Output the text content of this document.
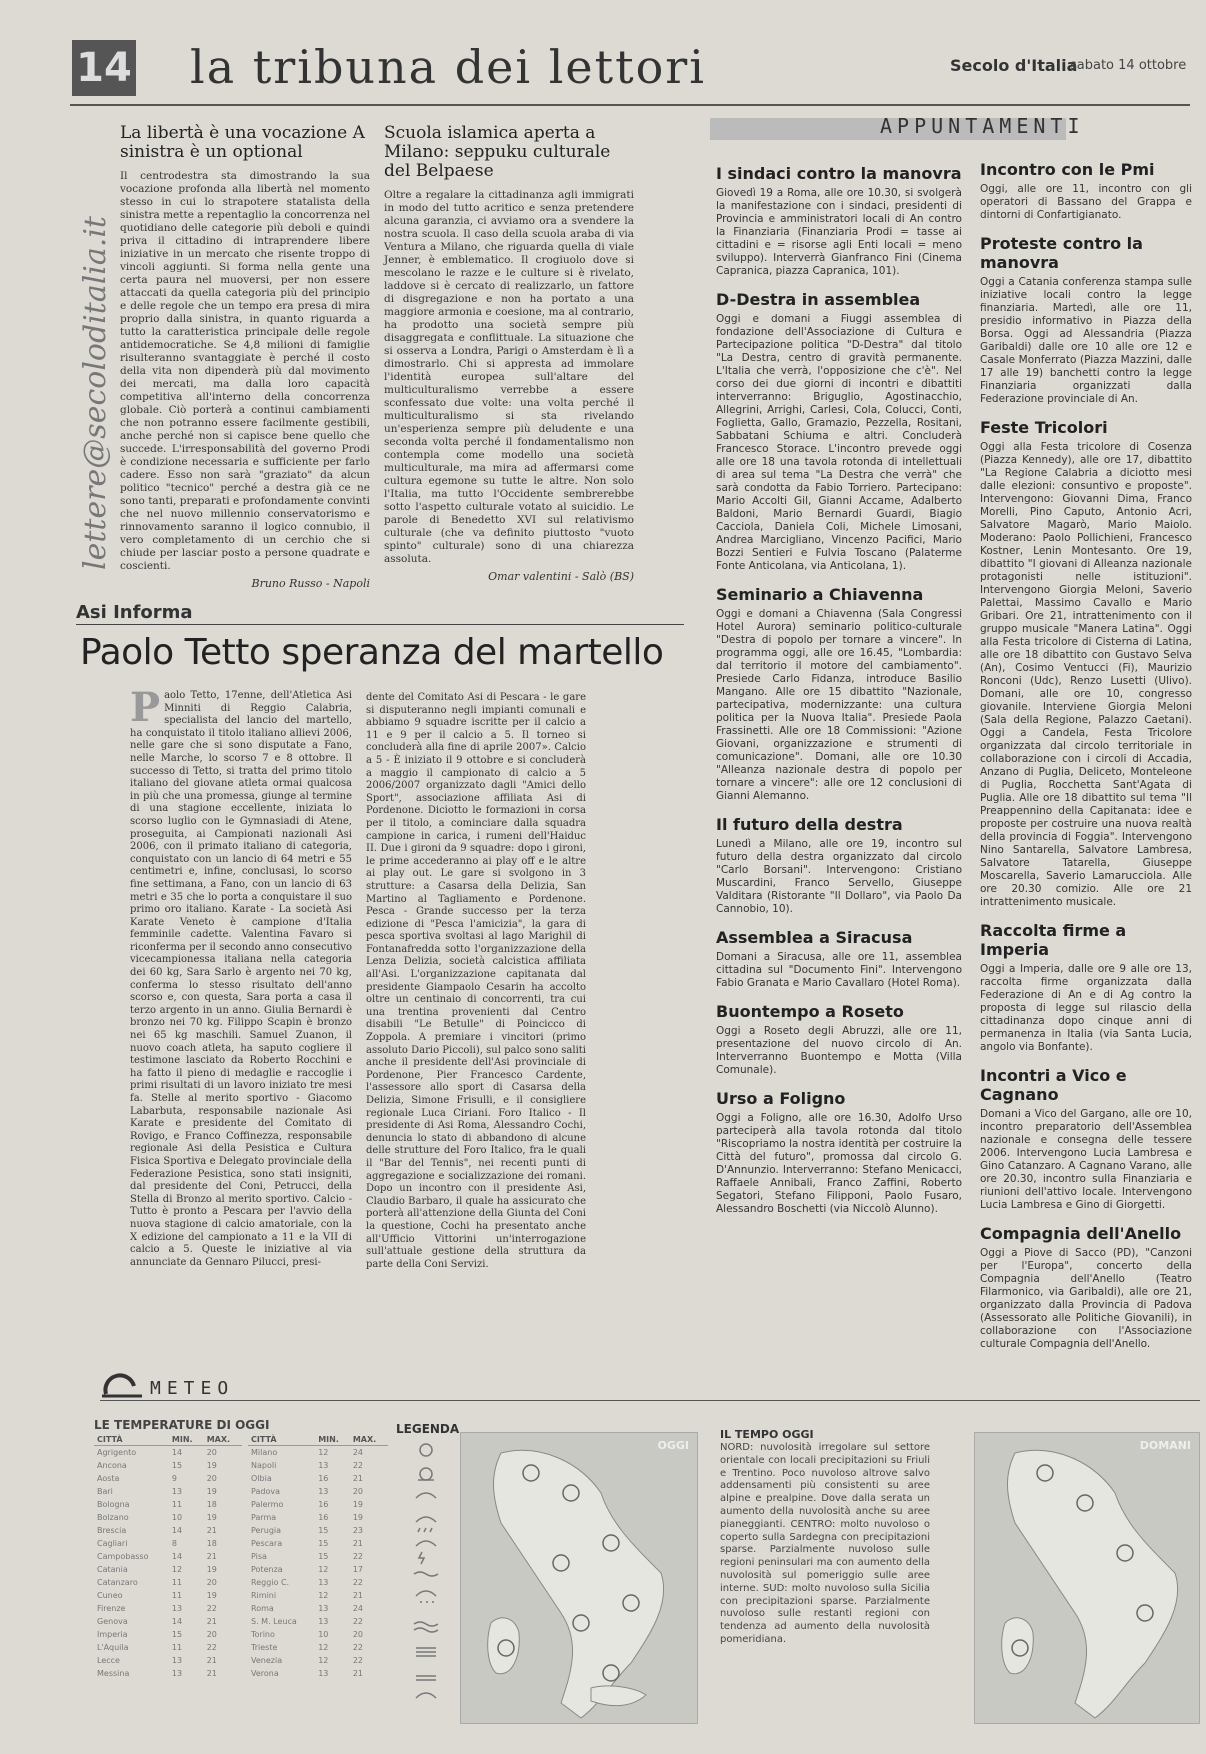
14 la tribuna dei lettori	Secolo d'Italia
sabato 14 ottobre
lettere@secoloditalia.it
La libertà è una vocazione A sinistra è un optional
Il centrodestra sta dimostrando la sua vocazione profonda alla libertà nel momento stesso in cui lo strapotere statalista della sinistra mette a repentaglio la concorrenza nel quotidiano delle categorie più deboli e quindi priva il cittadino di intraprendere libere iniziative in un mercato che risente troppo di vincoli aggiunti. Si forma nella gente una certa paura nel muoversi, per non essere attaccati da quella categoria più del principio e delle regole che un tempo era presa di mira proprio dalla sinistra, in quanto riguarda a tutto la caratteristica principale delle regole antidemocratiche. Se 4,8 milioni di famiglie risulteranno svantaggiate è perché il costo della vita non dipenderà più dal movimento dei mercati, ma dalla loro capacità competitiva all'interno della concorrenza globale. Ciò porterà a continui cambiamenti che non potranno essere facilmente gestibili, anche perché non si capisce bene quello che succede. L'irresponsabilità del governo Prodi è condizione necessaria e sufficiente per farlo cadere. Esso non sarà "graziato" da alcun politico "tecnico" perché a destra già ce ne sono tanti, preparati e profondamente convinti che nel nuovo millennio conservatorismo e rinnovamento saranno il logico connubio, il vero completamento di un cerchio che si chiude per lasciar posto a persone quadrate e coscienti.
Bruno Russo - Napoli
Scuola islamica aperta a Milano: seppuku culturale del Belpaese
Oltre a regalare la cittadinanza agli immigrati in modo del tutto acritico e senza pretendere alcuna garanzia, ci avviamo ora a svendere la nostra scuola. Il caso della scuola araba di via Ventura a Milano, che riguarda quella di viale Jenner, è emblematico. Il crogiuolo dove si mescolano le razze e le culture si è rivelato, laddove si è cercato di realizzarlo, un fattore di disgregazione e non ha portato a una maggiore armonia e coesione, ma al contrario, ha prodotto una società sempre più disaggregata e conflittuale. La situazione che si osserva a Londra, Parigi o Amsterdam è lì a dimostrarlo. Chi si appresta ad immolare l'identità europea sull'altare del multiculturalismo verrebbe a essere sconfessato due volte: una volta perché il multiculturalismo si sta rivelando un'esperienza sempre più deludente e una seconda volta perché il fondamentalismo non contempla come modello una società multiculturale, ma mira ad affermarsi come cultura egemone su tutte le altre. Non solo l'Italia, ma tutto l'Occidente sembrerebbe sotto l'aspetto culturale votato al suicidio. Le parole di Benedetto XVI sul relativismo culturale (che va definito piuttosto "vuoto spinto" culturale) sono di una chiarezza assoluta.
Omar valentini - Salò (BS)
APPUNTAMENTI
I sindaci contro la manovra
Giovedì 19 a Roma, alle ore 10.30, si svolgerà la manifestazione con i sindaci, presidenti di Provincia e amministratori locali di An contro la Finanziaria (Finanziaria Prodi = tasse ai cittadini e = risorse agli Enti locali = meno sviluppo). Interverrà Gianfranco Fini (Cinema Capranica, piazza Capranica, 101).
D-Destra in assemblea
Oggi e domani a Fiuggi assemblea di fondazione dell'Associazione di Cultura e Partecipazione politica "D-Destra" dal titolo "La Destra, centro di gravità permanente. L'Italia che verrà, l'opposizione che c'è". Nel corso dei due giorni di incontri e dibattiti interverranno: Briguglio, Agostinacchio, Allegrini, Arrighi, Carlesi, Cola, Colucci, Conti, Foglietta, Gallo, Gramazio, Pezzella, Rositani, Sabbatani Schiuma e altri. Concluderà Francesco Storace. L'incontro prevede oggi alle ore 18 una tavola rotonda di intellettuali di area sul tema "La Destra che verrà" che sarà condotta da Fabio Torriero. Partecipano: Mario Accolti Gil, Gianni Accame, Adalberto Baldoni, Mario Bernardi Guardi, Biagio Cacciola, Daniela Coli, Michele Limosani, Andrea Marcigliano, Vincenzo Pacifici, Mario Bozzi Sentieri e Fulvia Toscano (Palaterme Fonte Anticolana, via Anticolana, 1).
Seminario a Chiavenna
Oggi e domani a Chiavenna (Sala Congressi Hotel Aurora) seminario politico-culturale "Destra di popolo per tornare a vincere". In programma oggi, alle ore 16.45, "Lombardia: dal territorio il motore del cambiamento". Presiede Carlo Fidanza, introduce Basilio Mangano. Alle ore 15 dibattito "Nazionale, partecipativa, modernizzante: una cultura politica per la Nuova Italia". Presiede Paola Frassinetti. Alle ore 18 Commissioni: "Azione Giovani, organizzazione e strumenti di comunicazione". Domani, alle ore 10.30 "Alleanza nazionale destra di popolo per tornare a vincere": alle ore 12 conclusioni di Gianni Alemanno.
Il futuro della destra
Lunedì a Milano, alle ore 19, incontro sul futuro della destra organizzato dal circolo "Carlo Borsani". Intervengono: Cristiano Muscardini, Franco Servello, Giuseppe Valditara (Ristorante "Il Dollaro", via Paolo Da Cannobio, 10).
Assemblea a Siracusa
Domani a Siracusa, alle ore 11, assemblea cittadina sul "Documento Fini". Intervengono Fabio Granata e Mario Cavallaro (Hotel Roma).
Buontempo a Roseto
Oggi a Roseto degli Abruzzi, alle ore 11, presentazione del nuovo circolo di An. Interverranno Buontempo e Motta (Villa Comunale).
Urso a Foligno
Oggi a Foligno, alle ore 16.30, Adolfo Urso parteciperà alla tavola rotonda dal titolo "Riscopriamo la nostra identità per costruire la Città del futuro", promossa dal circolo G. D'Annunzio. Interverranno: Stefano Menicacci, Raffaele Annibali, Franco Zaffini, Roberto Segatori, Stefano Filipponi, Paolo Fusaro, Alessandro Boschetti (via Niccolò Alunno).
Incontro con le Pmi
Oggi, alle ore 11, incontro con gli operatori di Bassano del Grappa e dintorni di Confartigianato.
Proteste contro la manovra
Oggi a Catania conferenza stampa sulle iniziative locali contro la legge finanziaria. Martedì, alle ore 11, presidio informativo in Piazza della Borsa. Oggi ad Alessandria (Piazza Garibaldi) dalle ore 10 alle ore 12 e Casale Monferrato (Piazza Mazzini, dalle 17 alle 19) banchetti contro la legge Finanziaria organizzati dalla Federazione provinciale di An.
Feste Tricolori
Oggi alla Festa tricolore di Cosenza (Piazza Kennedy), alle ore 17, dibattito "La Regione Calabria a diciotto mesi dalle elezioni: consuntivo e proposte". Intervengono: Giovanni Dima, Franco Morelli, Pino Caputo, Antonio Acri, Salvatore Magarò, Mario Maiolo. Moderano: Paolo Pollichieni, Francesco Kostner, Lenin Montesanto. Ore 19, dibattito "I giovani di Alleanza nazionale protagonisti nelle istituzioni". Intervengono Giorgia Meloni, Saverio Palettai, Massimo Cavallo e Mario Gribari. Ore 21, intrattenimento con il gruppo musicale "Manera Latina". Oggi alla Festa tricolore di Cisterna di Latina, alle ore 18 dibattito con Gustavo Selva (An), Cosimo Ventucci (Fi), Maurizio Ronconi (Udc), Renzo Lusetti (Ulivo). Domani, alle ore 10, congresso giovanile. Interviene Giorgia Meloni (Sala della Regione, Palazzo Caetani). Oggi a Candela, Festa Tricolore organizzata dal circolo territoriale in collaborazione con i circoli di Accadia, Anzano di Puglia, Deliceto, Monteleone di Puglia, Rocchetta Sant'Agata di Puglia. Alle ore 18 dibattito sul tema "Il Preappennino della Capitanata: idee e proposte per costruire una nuova realtà della provincia di Foggia". Intervengono Nino Santarella, Salvatore Lambresa, Salvatore Tatarella, Giuseppe Moscarella, Saverio Lamarucciola. Alle ore 20.30 comizio. Alle ore 21 intrattenimento musicale.
Raccolta firme a Imperia
Oggi a Imperia, dalle ore 9 alle ore 13, raccolta firme organizzata dalla Federazione di An e di Ag contro la proposta di legge sul rilascio della cittadinanza dopo cinque anni di permanenza in Italia (via Santa Lucia, angolo via Bonfante).
Incontri a Vico e Cagnano
Domani a Vico del Gargano, alle ore 10, incontro preparatorio dell'Assemblea nazionale e consegna delle tessere 2006. Intervengono Lucia Lambresa e Gino Catanzaro. A Cagnano Varano, alle ore 20.30, incontro sulla Finanziaria e riunioni dell'attivo locale. Intervengono Lucia Lambresa e Gino di Giorgetti.
Compagnia dell'Anello
Oggi a Piove di Sacco (PD), "Canzoni per l'Europa", concerto della Compagnia dell'Anello (Teatro Filarmonico, via Garibaldi), alle ore 21, organizzato dalla Provincia di Padova (Assessorato alle Politiche Giovanili), in collaborazione con l'Associazione culturale Compagnia dell'Anello.
Asi Informa
Paolo Tetto speranza del martello
P aolo Tetto, 17enne, dell'Atletica Asi Minniti di Reggio Calabria, specialista del lancio del martello, ha conquistato il titolo italiano allievi 2006, nelle gare che si sono disputate a Fano, nelle Marche, lo scorso 7 e 8 ottobre. Il successo di Tetto, si tratta del primo titolo italiano del giovane atleta ormai qualcosa in più che una promessa, giunge al termine di una stagione eccellente, iniziata lo scorso luglio con le Gymnasiadi di Atene, proseguita, ai Campionati nazionali Asi 2006, con il primato italiano di categoria, conquistato con un lancio di 64 metri e 55 centimetri e, infine, conclusasi, lo scorso fine settimana, a Fano, con un lancio di 63 metri e 35 che lo porta a conquistare il suo primo oro italiano. Karate - La società Asi Karate Veneto è campione d'Italia femminile cadette. Valentina Favaro si riconferma per il secondo anno consecutivo vicecampionessa italiana nella categoria dei 60 kg, Sara Sarlo è argento nei 70 kg, conferma lo stesso risultato dell'anno scorso e, con questa, Sara porta a casa il terzo argento in un anno. Giulia Bernardi è bronzo nei 70 kg. Filippo Scapin è bronzo nei 65 kg maschili. Samuel Zuanon, il nuovo coach atleta, ha saputo cogliere il testimone lasciato da Roberto Rocchini e ha fatto il pieno di medaglie e raccoglie i primi risultati di un lavoro iniziato tre mesi fa. Stelle al merito sportivo - Giacomo Labarbuta, responsabile nazionale Asi Karate e presidente del Comitato di Rovigo, e Franco Coffinezza, responsabile regionale Asi della Pesistica e Cultura Fisica Sportiva e Delegato provinciale della Federazione Pesistica, sono stati insigniti, dal presidente del Coni, Petrucci, della Stella di Bronzo al merito sportivo. Calcio - Tutto è pronto a Pescara per l'avvio della nuova stagione di calcio amatoriale, con la X edizione del campionato a 11 e la VII di calcio a 5. Queste le iniziative al via annunciate da Gennaro Pilucci, presi-
dente del Comitato Asi di Pescara - le gare si disputeranno negli impianti comunali e abbiamo 9 squadre iscritte per il calcio a 11 e 9 per il calcio a 5. Il torneo si concluderà alla fine di aprile 2007». Calcio a 5 - È iniziato il 9 ottobre e si concluderà a maggio il campionato di calcio a 5 2006/2007 organizzato dagli "Amici dello Sport", associazione affiliata Asi di Pordenone. Diciotto le formazioni in corsa per il titolo, a cominciare dalla squadra campione in carica, i rumeni dell'Haiduc II. Due i gironi da 9 squadre: dopo i gironi, le prime accederanno ai play off e le altre ai play out. Le gare si svolgono in 3 strutture: a Casarsa della Delizia, San Martino al Tagliamento e Pordenone. Pesca - Grande successo per la terza edizione di "Pesca l'amicizia", la gara di pesca sportiva svoltasi al lago Marighil di Fontanafredda sotto l'organizzazione della Lenza Delizia, società calcistica affiliata all'Asi. L'organizzazione capitanata dal presidente Giampaolo Cesarin ha accolto oltre un centinaio di concorrenti, tra cui una trentina provenienti dal Centro disabili "Le Betulle" di Poincicco di Zoppola. A premiare i vincitori (primo assoluto Dario Piccoli), sul palco sono saliti anche il presidente dell'Asi provinciale di Pordenone, Pier Francesco Cardente, l'assessore allo sport di Casarsa della Delizia, Simone Frisulli, e il consigliere regionale Luca Ciriani. Foro Italico - Il presidente di Asi Roma, Alessandro Cochi, denuncia lo stato di abbandono di alcune delle strutture del Foro Italico, fra le quali il "Bar del Tennis", nei recenti punti di aggregazione e socializzazione dei romani. Dopo un incontro con il presidente Asi, Claudio Barbaro, il quale ha assicurato che porterà all'attenzione della Giunta del Coni la questione, Cochi ha presentato anche all'Ufficio Vittorini un'interrogazione sull'attuale gestione della struttura da parte della Coni Servizi.
METEO
LE TEMPERATURE DI OGGI
CITTÀ	MIN.	MAX.
Agrigento	14	20
Ancona	15	19
Aosta	9	20
Bari	13	19
Bologna	11	18
Bolzano	10	19
Brescia	14	21
Cagliari	8	18
Campobasso	14	21
Catania	12	19
Catanzaro	11	20
Cuneo	11	19
Firenze	13	22
Genova	14	21
Imperia	15	20
L'Aquila	11	22
Lecce	13	21
Messina	13	21
CITTÀ	MIN.	MAX.
Milano	12	24
Napoli	13	22
Olbia	16	21
Padova	13	20
Palermo	16	19
Parma	16	19
Perugia	15	23
Pescara	15	21
Pisa	15	22
Potenza	12	17
Reggio C.	13	22
Rimini	12	21
Roma	13	24
S. M. Leuca	13	22
Torino	10	20
Trieste	12	22
Venezia	12	22
Verona	13	21
LEGENDA
OGGI
IL TEMPO OGGI
NORD: nuvolosità irregolare sul settore orientale con locali precipitazioni su Friuli e Trentino. Poco nuvoloso altrove salvo addensamenti più consistenti su aree alpine e prealpine. Dove dalla serata un aumento della nuvolosità anche su aree pianeggianti. CENTRO: molto nuvoloso o coperto sulla Sardegna con precipitazioni sparse. Parzialmente nuvoloso sulle regioni peninsulari ma con aumento della nuvolosità sul pomeriggio sulle aree interne. SUD: molto nuvoloso sulla Sicilia con precipitazioni sparse. Parzialmente nuvoloso sulle restanti regioni con tendenza ad aumento della nuvolosità pomeridiana.
DOMANI
